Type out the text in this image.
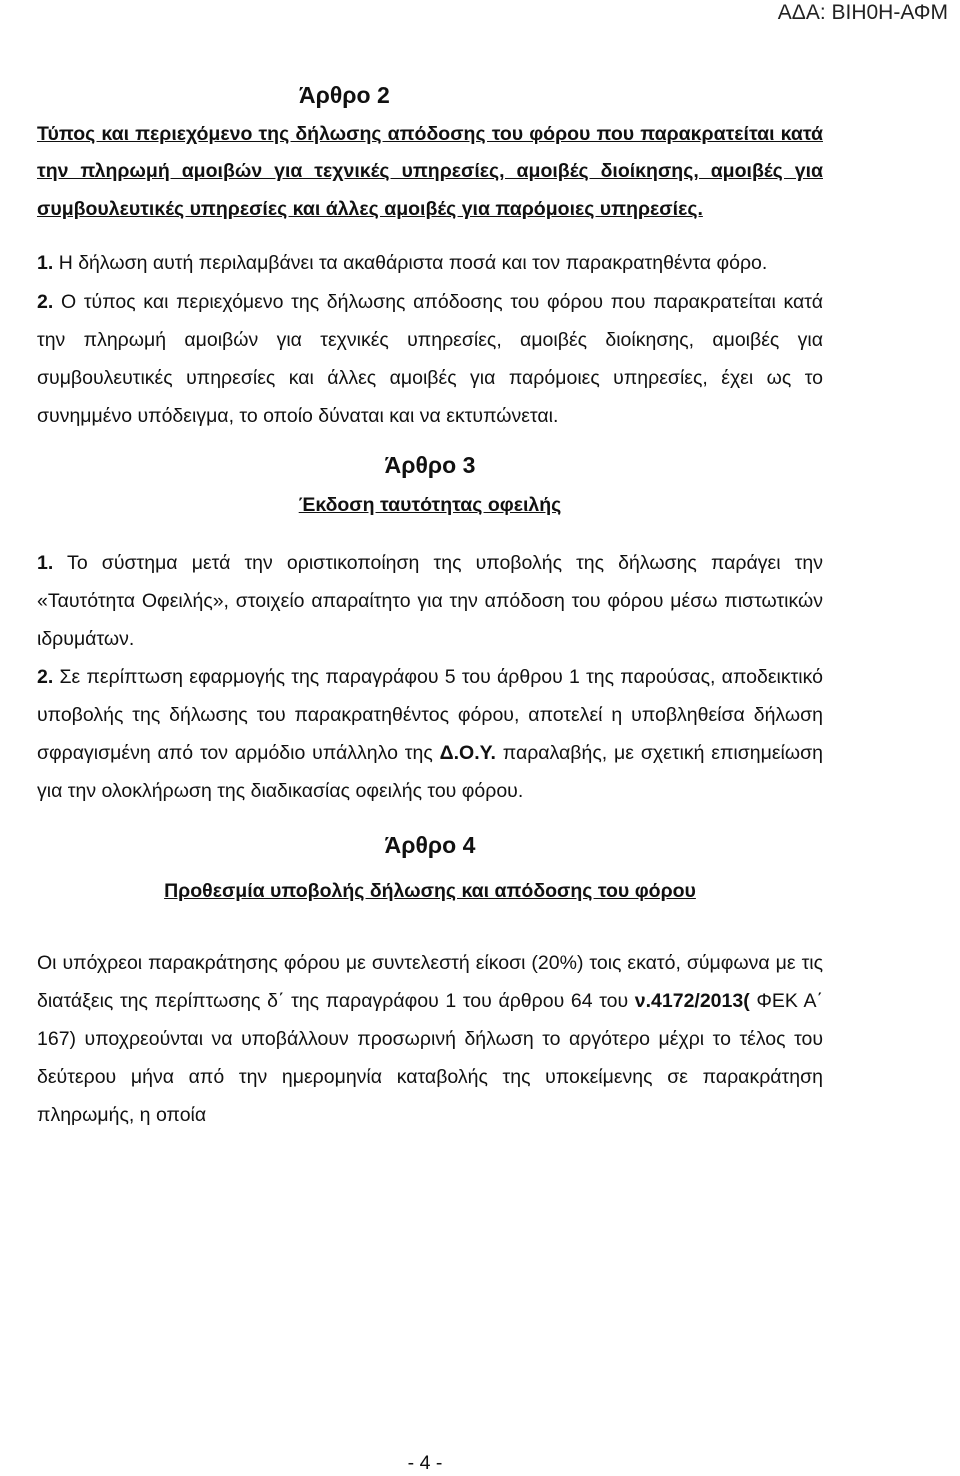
ΑΔΑ: ΒΙΗ0Η-ΑΦΜ
Άρθρο 2

Τύπος και περιεχόμενο της δήλωσης απόδοσης του φόρου που παρακρατείται κατά την πληρωμή αμοιβών για τεχνικές υπηρεσίες, αμοιβές διοίκησης, αμοιβές για συμβουλευτικές υπηρεσίες και άλλες αμοιβές για παρόμοιες υπηρεσίες.

1. Η δήλωση αυτή περιλαμβάνει τα ακαθάριστα ποσά και τον παρακρατηθέντα φόρο.

2. Ο τύπος και περιεχόμενο της δήλωσης απόδοσης του φόρου που παρακρατείται κατά την πληρωμή αμοιβών για τεχνικές υπηρεσίες, αμοιβές διοίκησης, αμοιβές για συμβουλευτικές υπηρεσίες και άλλες αμοιβές για παρόμοιες υπηρεσίες, έχει ως το συνημμένο υπόδειγμα, το οποίο δύναται και να εκτυπώνεται.

Άρθρο 3
Έκδοση ταυτότητας οφειλής

1. Το σύστημα μετά την οριστικοποίηση της υποβολής της δήλωσης παράγει την «Ταυτότητα Οφειλής», στοιχείο απαραίτητο για την απόδοση του φόρου μέσω πιστωτικών ιδρυμάτων.

2. Σε περίπτωση εφαρμογής της παραγράφου 5 του άρθρου 1 της παρούσας, αποδεικτικό υποβολής της δήλωσης του παρακρατηθέντος φόρου, αποτελεί η υποβληθείσα δήλωση σφραγισμένη από τον αρμόδιο υπάλληλο της Δ.Ο.Υ. παραλαβής, με σχετική επισημείωση για την ολοκλήρωση της διαδικασίας οφειλής του φόρου.

Άρθρο 4
Προθεσμία υποβολής δήλωσης και απόδοσης του φόρου

Οι υπόχρεοι παρακράτησης φόρου με συντελεστή είκοσι (20%) τοις εκατό, σύμφωνα με τις διατάξεις της περίπτωσης δ΄ της παραγράφου 1 του άρθρου 64 του ν.4172/2013( ΦΕΚ Α΄ 167) υποχρεούνται να υποβάλλουν προσωρινή δήλωση το αργότερο μέχρι το τέλος του δεύτερου μήνα από την ημερομηνία καταβολής της υποκείμενης σε παρακράτηση πληρωμής, η οποία

- 4 -
